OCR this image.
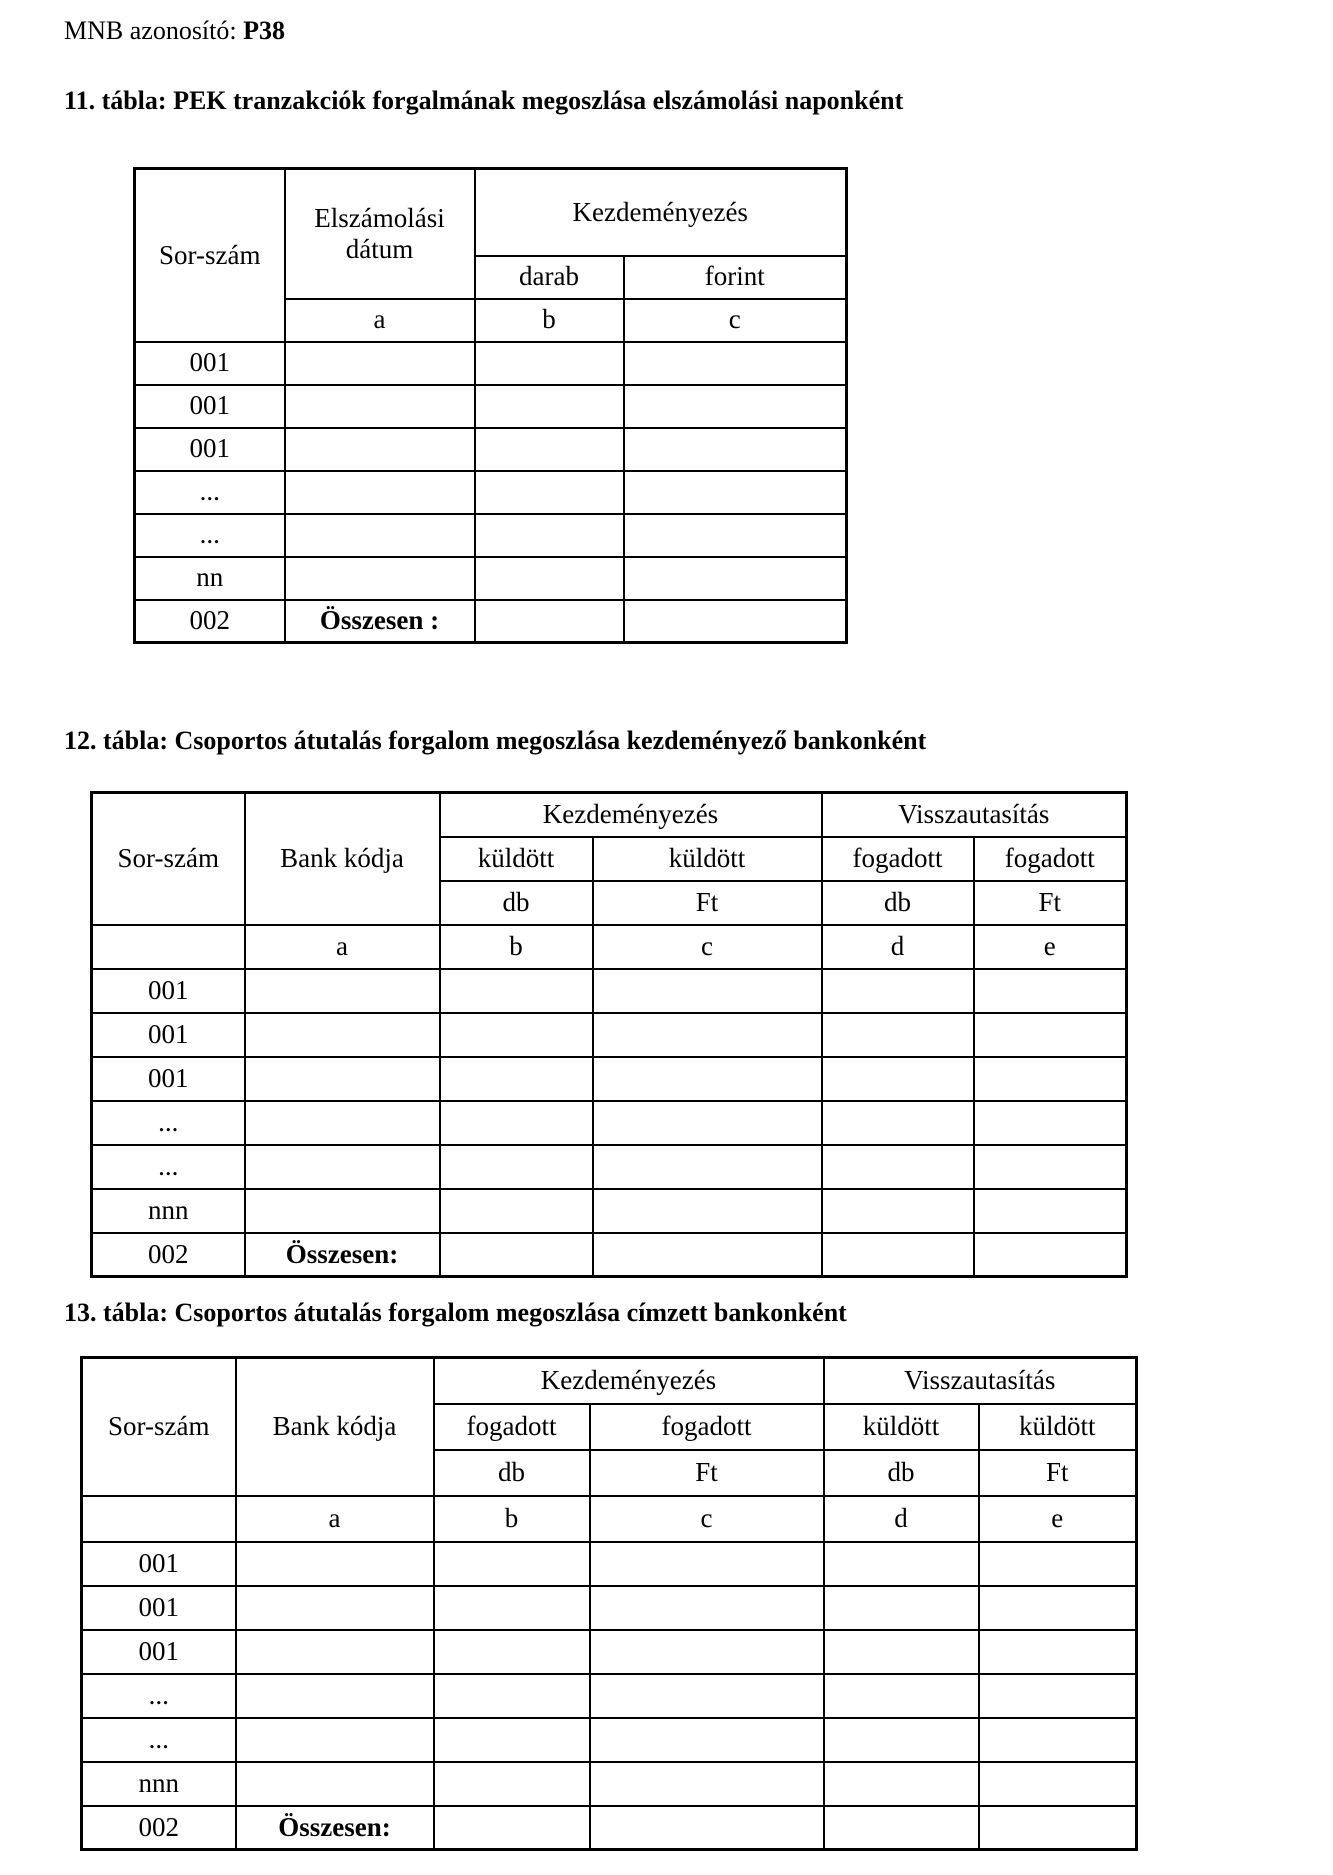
MNB azonosító: P38
11. tábla: PEK tranzakciók forgalmának megoszlása elszámolási naponként
Sor-szám	Elszámolási dátum	Kezdeményezés	
		darab	forint
	a	b	c
001			
001			
001			
...			
...			
nn			
002	Összesen :		
12. tábla: Csoportos átutalás forgalom megoszlása kezdeményező bankonként
Sor-szám	Bank kódja	Kezdeményezés		Visszautasítás	
		küldött	küldött	fogadott	fogadott
		db	Ft	db	Ft
	a	b	c	d	e
001					
001					
001					
...					
...					
nnn					
002	Összesen:				
13. tábla: Csoportos átutalás forgalom megoszlása címzett bankonként
Sor-szám	Bank kódja	Kezdeményezés		Visszautasítás	
		fogadott	fogadott	küldött	küldött
		db	Ft	db	Ft
	a	b	c	d	e
001					
001					
001					
...					
...					
nnn					
002	Összesen:				
